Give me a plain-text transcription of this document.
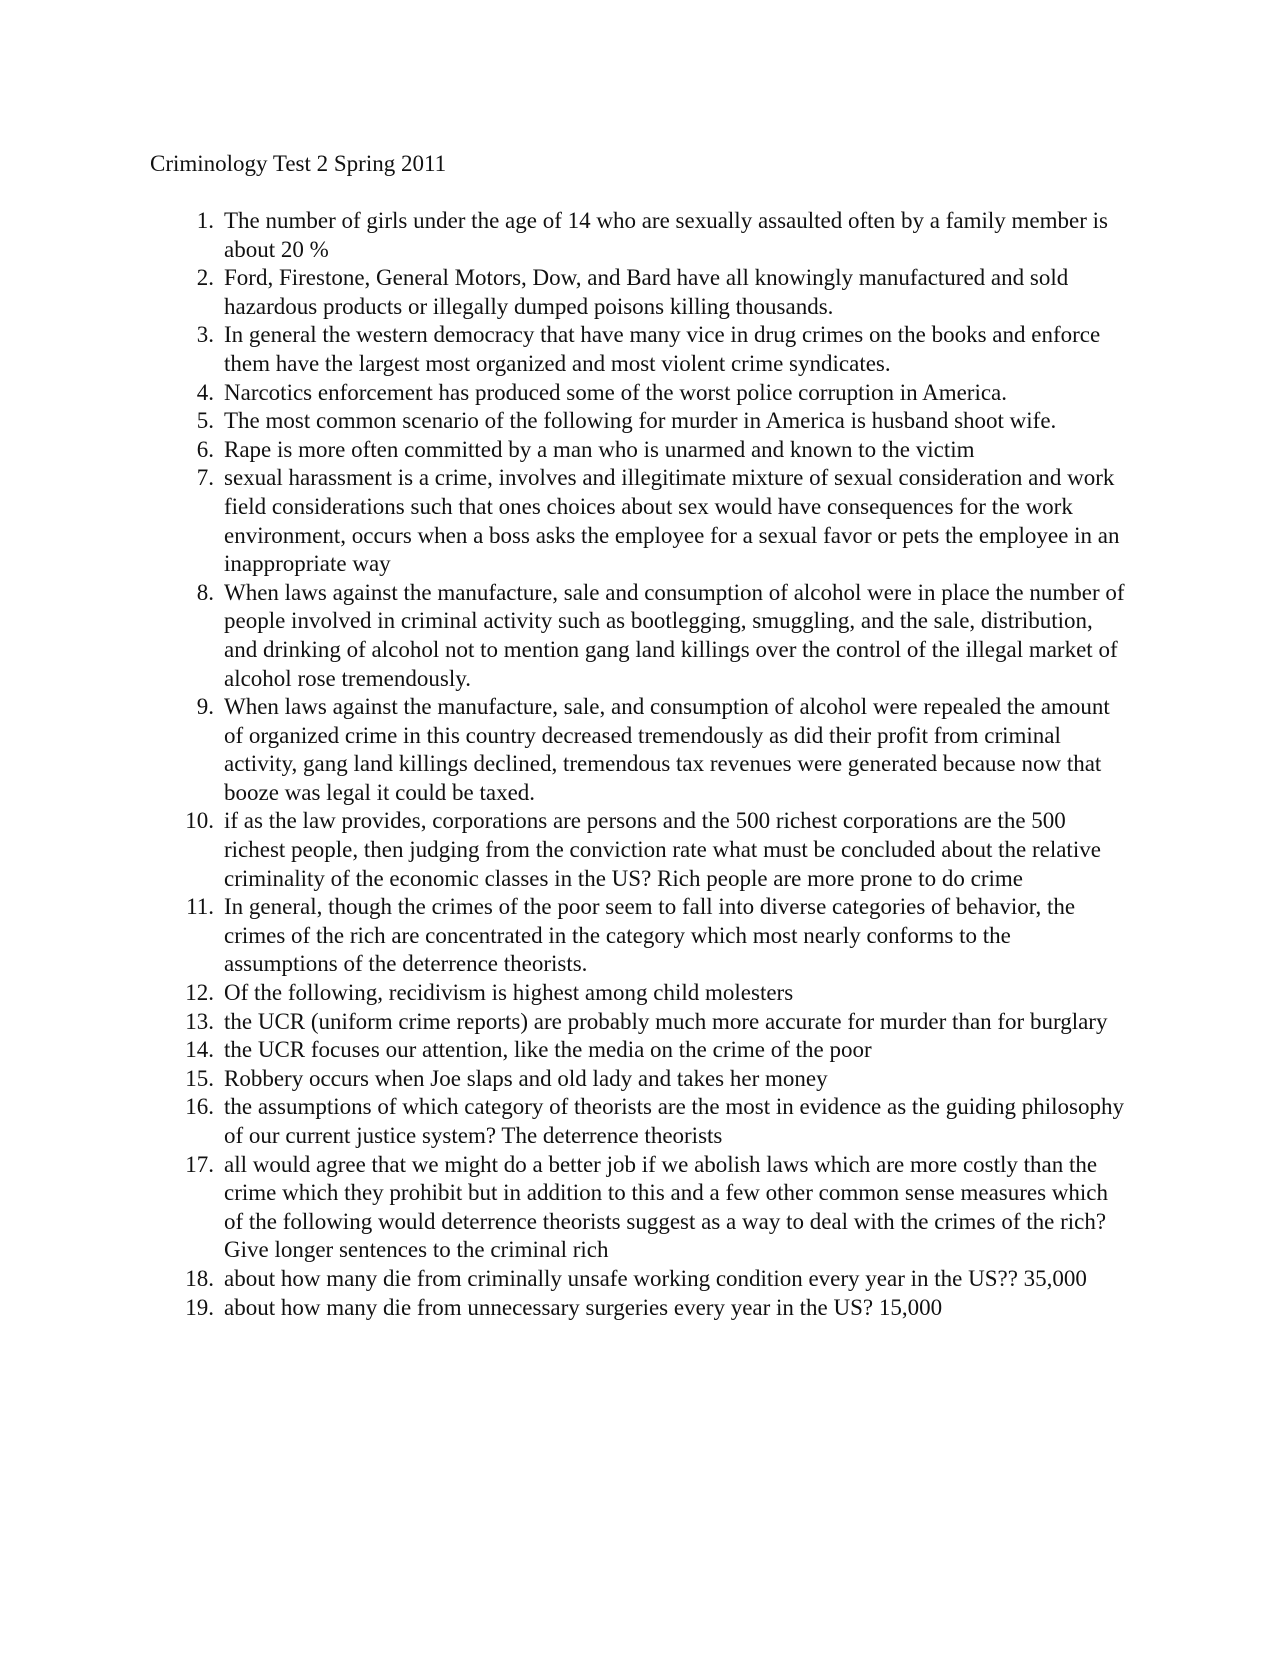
Criminology Test 2 Spring 2011
1. The number of girls under the age of 14 who are sexually assaulted often by a family member is about 20 %
2. Ford, Firestone, General Motors, Dow, and Bard have all knowingly manufactured and sold hazardous products or illegally dumped poisons killing thousands.
3. In general the western democracy that have many vice in drug crimes on the books and enforce them have the largest most organized and most violent crime syndicates.
4. Narcotics enforcement has produced some of the worst police corruption in America.
5. The most common scenario of the following for murder in America is husband shoot wife.
6. Rape is more often committed by a man who is unarmed and known to the victim
7. sexual harassment is a crime, involves and illegitimate mixture of sexual consideration and work field considerations such that ones choices about sex would have consequences for the work environment, occurs when a boss asks the employee for a sexual favor or pets the employee in an inappropriate way
8. When laws against the manufacture, sale and consumption of alcohol were in place the number of people involved in criminal activity such as bootlegging, smuggling, and the sale, distribution, and drinking of alcohol not to mention gang land killings over the control of the illegal market of alcohol rose tremendously.
9. When laws against the manufacture, sale, and consumption of alcohol were repealed the amount of organized crime in this country decreased tremendously as did their profit from criminal activity, gang land killings declined, tremendous tax revenues were generated because now that booze was legal it could be taxed.
10. if as the law provides, corporations are persons and the 500 richest corporations are the 500 richest people, then judging from the conviction rate what must be concluded about the relative criminality of the economic classes in the US? Rich people are more prone to do crime
11. In general, though the crimes of the poor seem to fall into diverse categories of behavior, the crimes of the rich are concentrated in the category which most nearly conforms to the assumptions of the deterrence theorists.
12. Of the following, recidivism is highest among child molesters
13. the UCR (uniform crime reports) are probably much more accurate for murder than for burglary
14. the UCR focuses our attention, like the media on the crime of the poor
15. Robbery occurs when Joe slaps and old lady and takes her money
16. the assumptions of which category of theorists are the most in evidence as the guiding philosophy of our current justice system? The deterrence theorists
17. all would agree that we might do a better job if we abolish laws which are more costly than the crime which they prohibit but in addition to this and a few other common sense measures which of the following would deterrence theorists suggest as a way to deal with the crimes of the rich? Give longer sentences to the criminal rich
18. about how many die from criminally unsafe working condition every year in the US?? 35,000
19. about how many die from unnecessary surgeries every year in the US? 15,000
